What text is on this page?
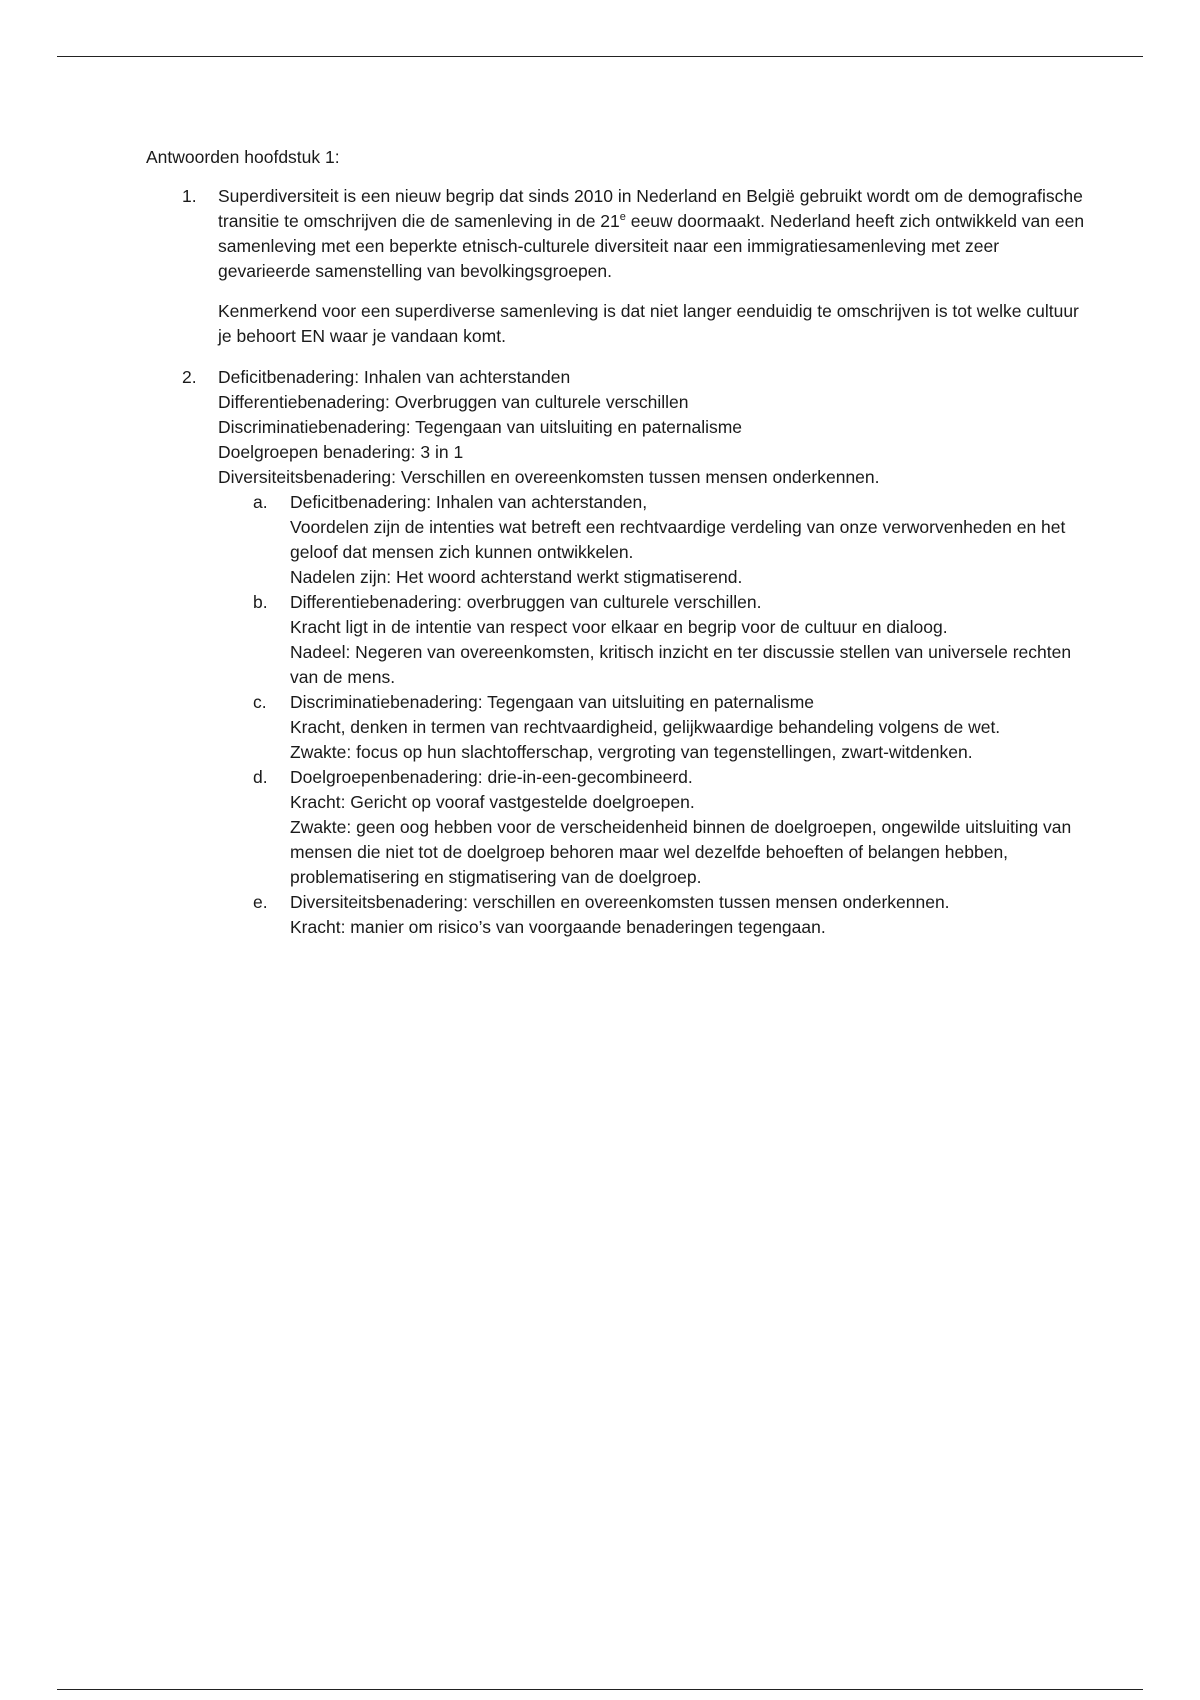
Antwoorden hoofdstuk 1:
1. Superdiversiteit is een nieuw begrip dat sinds 2010 in Nederland en België gebruikt wordt om de demografische transitie te omschrijven die de samenleving in de 21e eeuw doormaakt. Nederland heeft zich ontwikkeld van een samenleving met een beperkte etnisch-culturele diversiteit naar een immigratiesamenleving met zeer gevarieerde samenstelling van bevolkingsgroepen.

Kenmerkend voor een superdiverse samenleving is dat niet langer eenduidig te omschrijven is tot welke cultuur je behoort EN waar je vandaan komt.

2. Deficitbenadering: Inhalen van achterstanden
Differentiebenadering: Overbruggen van culturele verschillen
Discriminatiebenadering: Tegengaan van uitsluiting en paternalisme
Doelgroepen benadering: 3 in 1
Diversiteitsbenadering: Verschillen en overeenkomsten tussen mensen onderkennen.
a. Deficitbenadering: Inhalen van achterstanden,
Voordelen zijn de intenties wat betreft een rechtvaardige verdeling van onze verworvenheden en het geloof dat mensen zich kunnen ontwikkelen.
Nadelen zijn: Het woord achterstand werkt stigmatiserend.
b. Differentiebenadering: overbruggen van culturele verschillen.
Kracht ligt in de intentie van respect voor elkaar en begrip voor de cultuur en dialoog.
Nadeel: Negeren van overeenkomsten, kritisch inzicht en ter discussie stellen van universele rechten van de mens.
c. Discriminatiebenadering: Tegengaan van uitsluiting en paternalisme
Kracht, denken in termen van rechtvaardigheid, gelijkwaardige behandeling volgens de wet.
Zwakte: focus op hun slachtofferschap, vergroting van tegenstellingen, zwart-witdenken.
d. Doelgroepenbenadering: drie-in-een-gecombineerd.
Kracht: Gericht op vooraf vastgestelde doelgroepen.
Zwakte: geen oog hebben voor de verscheidenheid binnen de doelgroepen, ongewilde uitsluiting van mensen die niet tot de doelgroep behoren maar wel dezelfde behoeften of belangen hebben, problematisering en stigmatisering van de doelgroep.
e. Diversiteitsbenadering: verschillen en overeenkomsten tussen mensen onderkennen.
Kracht: manier om risico’s van voorgaande benaderingen tegengaan.
